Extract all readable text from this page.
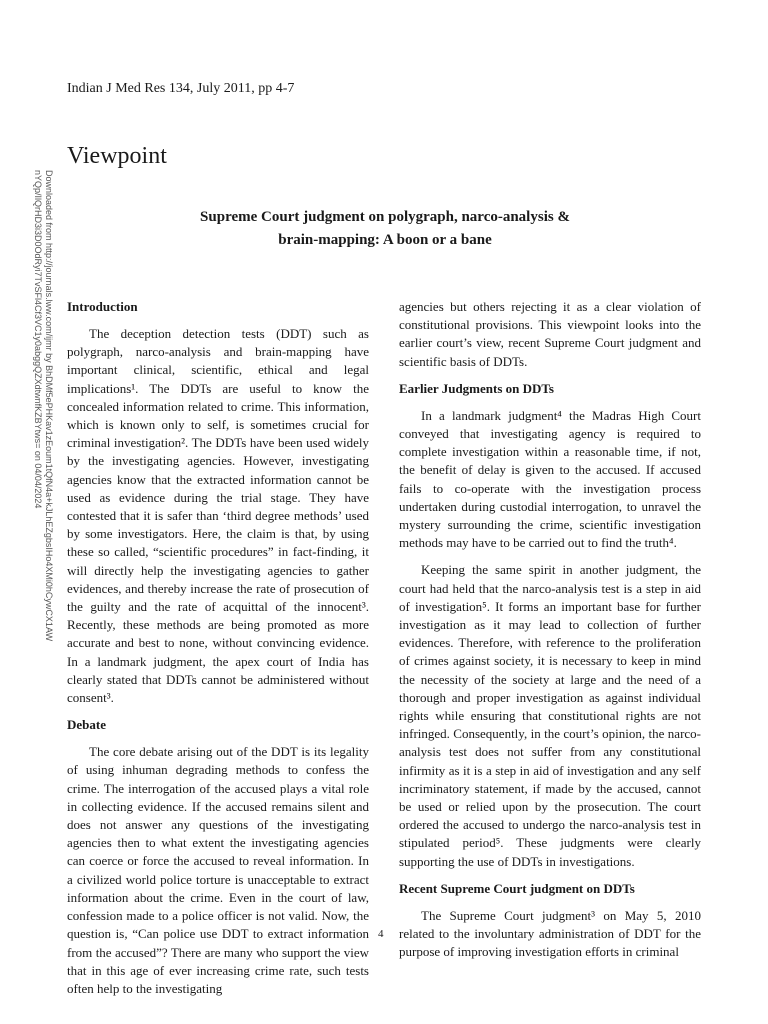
Indian J Med Res 134, July 2011, pp 4-7
Viewpoint
Downloaded from http://journals.lww.com/ijmr by BhDMf5ePHKav1zEoum1tQfN4a+kJLhEZgbsIHo4XMi0hCywCX1AW
nYQp/IlQrHD3i3D0OdRyi7TvSFl4Cf3VC1y0abggQZXdtwnfKZBYtws= on 04/04/2024	Supreme Court judgment on polygraph, narco-analysis &
brain-mapping: A boon or a bane
Introduction

The deception detection tests (DDT) such as polygraph, narco-analysis and brain-mapping have important clinical, scientific, ethical and legal implications¹. The DDTs are useful to know the concealed information related to crime. This information, which is known only to self, is sometimes crucial for criminal investigation². The DDTs have been used widely by the investigating agencies. However, investigating agencies know that the extracted information cannot be used as evidence during the trial stage. They have contested that it is safer than ‘third degree methods’ used by some investigators. Here, the claim is that, by using these so called, “scientific procedures” in fact-finding, it will directly help the investigating agencies to gather evidences, and thereby increase the rate of prosecution of the guilty and the rate of acquittal of the innocent³. Recently, these methods are being promoted as more accurate and best to none, without convincing evidence. In a landmark judgment, the apex court of India has clearly stated that DDTs cannot be administered without consent³.

Debate

The core debate arising out of the DDT is its legality of using inhuman degrading methods to confess the crime. The interrogation of the accused plays a vital role in collecting evidence. If the accused remains silent and does not answer any questions of the investigating agencies then to what extent the investigating agencies can coerce or force the accused to reveal information. In a civilized world police torture is unacceptable to extract information about the crime. Even in the court of law, confession made to a police officer is not valid. Now, the question is, “Can police use DDT to extract information from the accused”? There are many who support the view that in this age of ever increasing crime rate, such tests often help to the investigating

agencies but others rejecting it as a clear violation of constitutional provisions. This viewpoint looks into the earlier court’s view, recent Supreme Court judgment and scientific basis of DDTs.

Earlier Judgments on DDTs

In a landmark judgment⁴ the Madras High Court conveyed that investigating agency is required to complete investigation within a reasonable time, if not, the benefit of delay is given to the accused. If accused fails to co-operate with the investigation process undertaken during custodial interrogation, to unravel the mystery surrounding the crime, scientific investigation methods may have to be carried out to find the truth⁴.

Keeping the same spirit in another judgment, the court had held that the narco-analysis test is a step in aid of investigation⁵. It forms an important base for further investigation as it may lead to collection of further evidences. Therefore, with reference to the proliferation of crimes against society, it is necessary to keep in mind the necessity of the society at large and the need of a thorough and proper investigation as against individual rights while ensuring that constitutional rights are not infringed. Consequently, in the court’s opinion, the narco-analysis test does not suffer from any constitutional infirmity as it is a step in aid of investigation and any self incriminatory statement, if made by the accused, cannot be used or relied upon by the prosecution. The court ordered the accused to undergo the narco-analysis test in stipulated period⁵. These judgments were clearly supporting the use of DDTs in investigations.

Recent Supreme Court judgment on DDTs

The Supreme Court judgment³ on May 5, 2010 related to the involuntary administration of DDT for the purpose of improving investigation efforts in criminal

4
